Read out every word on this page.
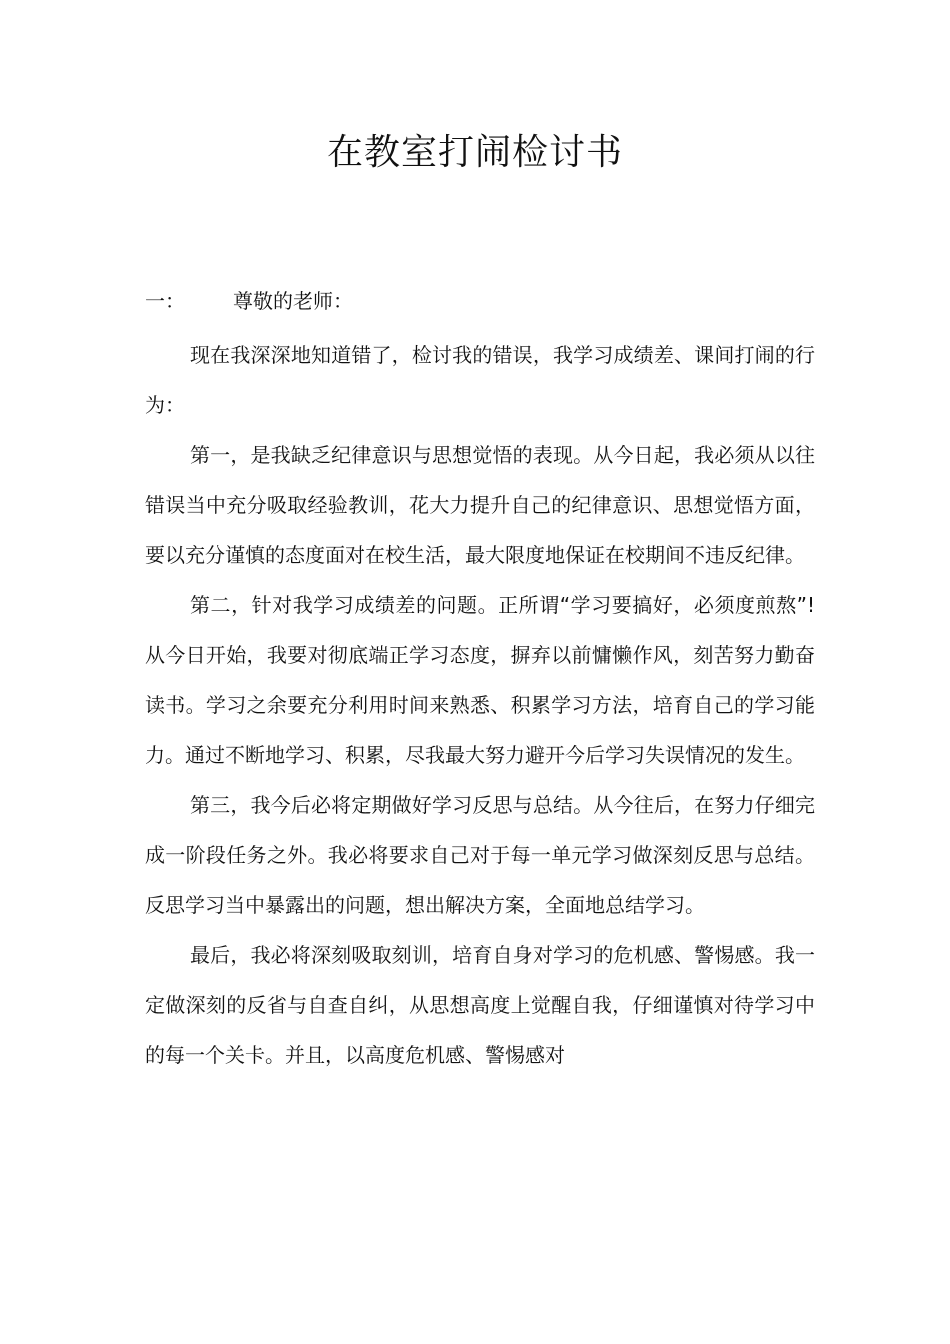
在教室打闹检讨书
一： 尊敬的老师：

现在我深深地知道错了，检讨我的错误，我学习成绩差、课间打闹的行为：

第一，是我缺乏纪律意识与思想觉悟的表现。从今日起，我必须从以往错误当中充分吸取经验教训，花大力提升自己的纪律意识、思想觉悟方面，要以充分谨慎的态度面对在校生活，最大限度地保证在校期间不违反纪律。

第二，针对我学习成绩差的问题。正所谓“学习要搞好，必须度煎熬”!从今日开始，我要对彻底端正学习态度，摒弃以前慵懒作风，刻苦努力勤奋读书。学习之余要充分利用时间来熟悉、积累学习方法，培育自己的学习能力。通过不断地学习、积累，尽我最大努力避开今后学习失误情况的发生。

第三，我今后必将定期做好学习反思与总结。从今往后，在努力仔细完成一阶段任务之外。我必将要求自己对于每一单元学习做深刻反思与总结。反思学习当中暴露出的问题，想出解决方案，全面地总结学习。

最后，我必将深刻吸取刻训，培育自身对学习的危机感、警惕感。我一定做深刻的反省与自查自纠，从思想高度上觉醒自我，仔细谨慎对待学习中的每一个关卡。并且，以高度危机感、警惕感对
